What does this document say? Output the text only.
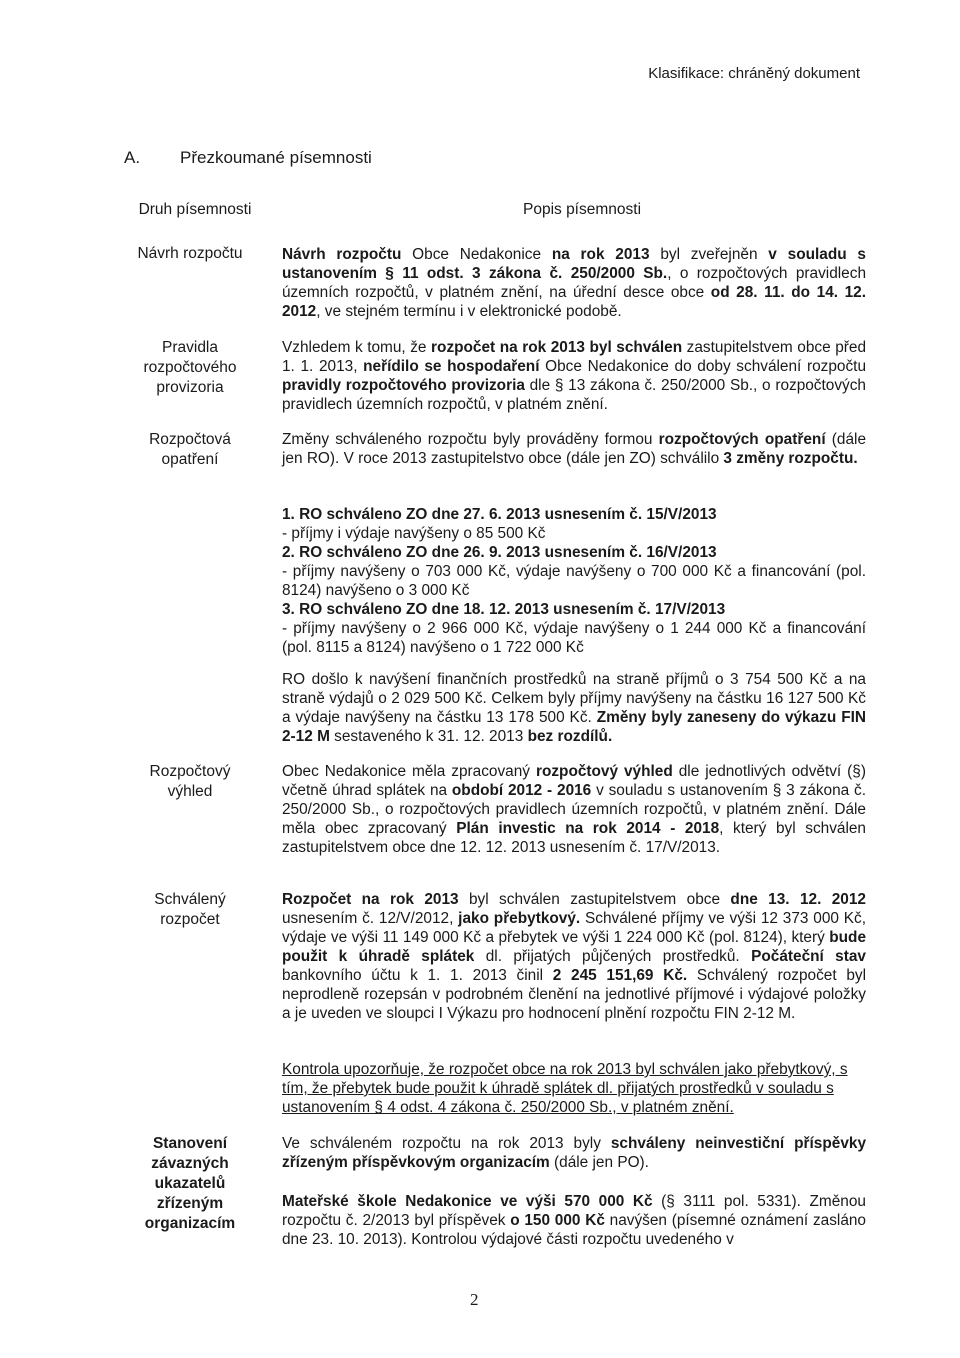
Klasifikace: chráněný dokument
A. Přezkoumané písemnosti
Druh písemnosti	Popis písemnosti
Návrh rozpočtu	Návrh rozpočtu Obce Nedakonice na rok 2013 byl zveřejněn v souladu s ustanovením § 11 odst. 3 zákona č. 250/2000 Sb., o rozpočtových pravidlech územních rozpočtů, v platném znění, na úřední desce obce od 28. 11. do 14. 12. 2012, ve stejném termínu i v elektronické podobě.

Pravidla
rozpočtového
provizoria

Vzhledem k tomu, že rozpočet na rok 2013 byl schválen zastupitelstvem obce před 1. 1. 2013, neřídilo se hospodaření Obce Nedakonice do doby schválení rozpočtu pravidly rozpočtového provizoria dle § 13 zákona č. 250/2000 Sb., o rozpočtových pravidlech územních rozpočtů, v platném znění.

Rozpočtová
opatření

Změny schváleného rozpočtu byly prováděny formou rozpočtových opatření (dále jen RO). V roce 2013 zastupitelstvo obce (dále jen ZO) schválilo 3 změny rozpočtu.

1. RO schváleno ZO dne 27. 6. 2013 usnesením č. 15/V/2013
- příjmy i výdaje navýšeny o 85 500 Kč
2. RO schváleno ZO dne 26. 9. 2013 usnesením č. 16/V/2013
- příjmy navýšeny o 703 000 Kč, výdaje navýšeny o 700 000 Kč a financování (pol. 8124) navýšeno o 3 000 Kč
3. RO schváleno ZO dne 18. 12. 2013 usnesením č. 17/V/2013
- příjmy navýšeny o 2 966 000 Kč, výdaje navýšeny o 1 244 000 Kč a financování (pol. 8115 a 8124) navýšeno o 1 722 000 Kč

RO došlo k navýšení finančních prostředků na straně příjmů o 3 754 500 Kč a na straně výdajů o 2 029 500 Kč. Celkem byly příjmy navýšeny na částku 16 127 500 Kč a výdaje navýšeny na částku 13 178 500 Kč. Změny byly zaneseny do výkazu FIN 2-12 M sestaveného k 31. 12. 2013 bez rozdílů.

Rozpočtový
výhled

Obec Nedakonice měla zpracovaný rozpočtový výhled dle jednotlivých odvětví (§) včetně úhrad splátek na období 2012 - 2016 v souladu s ustanovením § 3 zákona č. 250/2000 Sb., o rozpočtových pravidlech územních rozpočtů, v platném znění. Dále měla obec zpracovaný Plán investic na rok 2014 - 2018, který byl schválen zastupitelstvem obce dne 12. 12. 2013 usnesením č. 17/V/2013.

Schválený
rozpočet

Rozpočet na rok 2013 byl schválen zastupitelstvem obce dne 13. 12. 2012 usnesením č. 12/V/2012, jako přebytkový. Schválené příjmy ve výši 12 373 000 Kč, výdaje ve výši 11 149 000 Kč a přebytek ve výši 1 224 000 Kč (pol. 8124), který bude použit k úhradě splátek dl. přijatých půjčených prostředků. Počáteční stav bankovního účtu k 1. 1. 2013 činil 2 245 151,69 Kč. Schválený rozpočet byl neprodleně rozepsán v podrobném členění na jednotlivé příjmové i výdajové položky a je uveden ve sloupci I Výkazu pro hodnocení plnění rozpočtu FIN 2-12 M.

Kontrola upozorňuje, že rozpočet obce na rok 2013 byl schválen jako přebytkový, s tím, že přebytek bude použit k úhradě splátek dl. přijatých prostředků v souladu s ustanovením § 4 odst. 4 zákona č. 250/2000 Sb., v platném znění.
Stanovení
závazných
ukazatelů
zřízeným
organizacím

Ve schváleném rozpočtu na rok 2013 byly schváleny neinvestiční příspěvky zřízeným příspěvkovým organizacím (dále jen PO).

Mateřské škole Nedakonice ve výši 570 000 Kč (§ 3111 pol. 5331). Změnou rozpočtu č. 2/2013 byl příspěvek o 150 000 Kč navýšen (písemné oznámení zasláno dne 23. 10. 2013). Kontrolou výdajové části rozpočtu uvedeného v

2
